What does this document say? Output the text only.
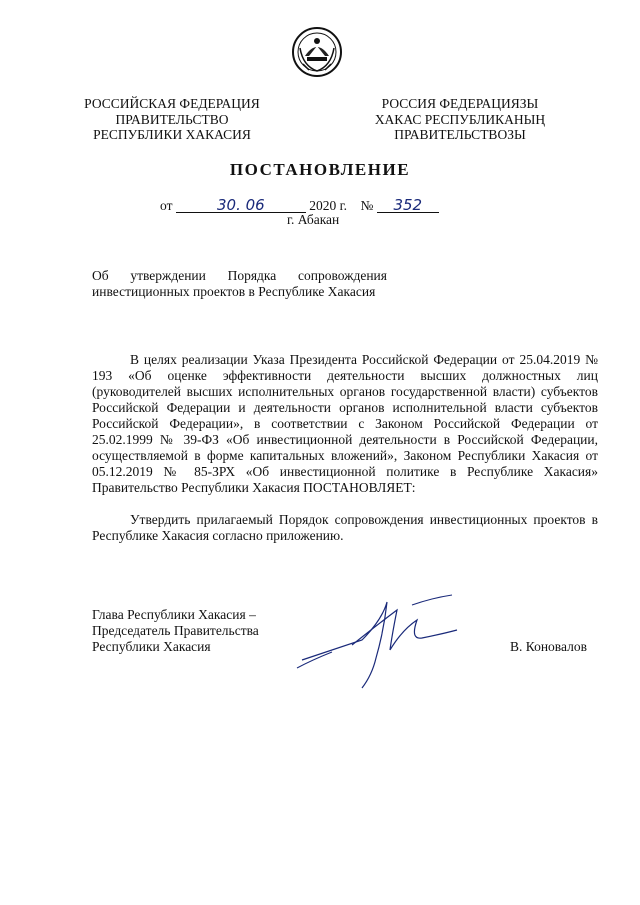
РОССИЙСКАЯ ФЕДЕРАЦИЯ
ПРАВИТЕЛЬСТВО
РЕСПУБЛИКИ ХАКАСИЯ
РОССИЯ ФЕДЕРАЦИЯЗЫ
ХАКАС РЕСПУБЛИКАНЫҢ
ПРАВИТЕЛЬСТВОЗЫ
ПОСТАНОВЛЕНИЕ
от	30. 06	2020 г. № 352
г. Абакан
Об утверждении Порядка сопровождения инвестиционных проектов в Республике Хакасия
В целях реализации Указа Президента Российской Федерации от 25.04.2019 № 193 «Об оценке эффективности деятельности высших должностных лиц (руководителей высших исполнительных органов государственной власти) субъектов Российской Федерации и деятельности органов исполнительной власти субъектов Российской Федерации», в соответствии с Законом Российской Федерации от 25.02.1999 № 39-ФЗ «Об инвестиционной деятельности в Российской Федерации, осуществляемой в форме капитальных вложений», Законом Республики Хакасия от 05.12.2019 № 85-ЗРХ «Об инвестиционной политике в Республике Хакасия» Правительство Республики Хакасия ПОСТАНОВЛЯЕТ:
Утвердить прилагаемый Порядок сопровождения инвестиционных проектов в Республике Хакасия согласно приложению.
Глава Республики Хакасия –
Председатель Правительства
Республики Хакасия	В. Коновалов
